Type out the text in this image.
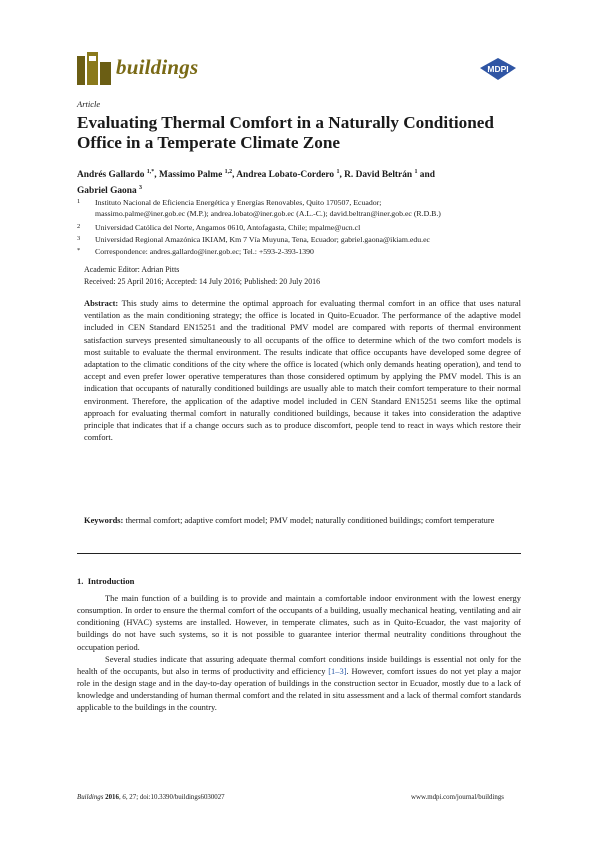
buildings	MDPI
Article
Evaluating Thermal Comfort in a Naturally Conditioned Office in a Temperate Climate Zone
Andrés Gallardo $^{1,*}$, Massimo Palme $^{1,2}$, Andrea Lobato-Cordero $^1$, R. David Beltrán $^1$ and
Gabriel Gaona $^3$
1 Instituto Nacional de Eficiencia Energética y Energías Renovables, Quito 170507, Ecuador;
massimo.palme@iner.gob.ec (M.P.); andrea.lobato@iner.gob.ec (A.L.-C.); david.beltran@iner.gob.ec (R.D.B.)
2 Universidad Católica del Norte, Angamos 0610, Antofagasta, Chile; mpalme@ucn.cl
3 Universidad Regional Amazónica IKIAM, Km 7 Vía Muyuna, Tena, Ecuador; gabriel.gaona@ikiam.edu.ec
* Correspondence: andres.gallardo@iner.gob.ec; Tel.: +593-2-393-1390
Academic Editor: Adrian Pitts
Received: 25 April 2016; Accepted: 14 July 2016; Published: 20 July 2016
Abstract: This study aims to determine the optimal approach for evaluating thermal comfort in an office that uses natural ventilation as the main conditioning strategy; the office is located in Quito-Ecuador. The performance of the adaptive model included in CEN Standard EN15251 and the traditional PMV model are compared with reports of thermal environment satisfaction surveys presented simultaneously to all occupants of the office to determine which of the two comfort models is most suitable to evaluate the thermal environment. The results indicate that office occupants have developed some degree of adaptation to the climatic conditions of the city where the office is located (which only demands heating operation), and tend to accept and even prefer lower operative temperatures than those considered optimum by applying the PMV model. This is an indication that occupants of naturally conditioned buildings are usually able to match their comfort temperature to their normal environment. Therefore, the application of the adaptive model included in CEN Standard EN15251 seems like the optimal approach for evaluating thermal comfort in naturally conditioned buildings, because it takes into consideration the adaptive principle that indicates that if a change occurs such as to produce discomfort, people tend to react in ways which restore their comfort.
Keywords: thermal comfort; adaptive comfort model; PMV model; naturally conditioned buildings; comfort temperature
1. Introduction

The main function of a building is to provide and maintain a comfortable indoor environment with the lowest energy consumption. In order to ensure the thermal comfort of the occupants of a building, usually mechanical heating, ventilating and air conditioning (HVAC) systems are installed. However, in temperate climates, such as in Quito-Ecuador, the vast majority of buildings do not have such systems, so it is not possible to guarantee interior thermal neutrality conditions throughout the occupation period.

Several studies indicate that assuring adequate thermal comfort conditions inside buildings is essential not only for the health of the occupants, but also in terms of productivity and efficiency [1–3]. However, comfort issues do not yet play a major role in the design stage and in the day-to-day operation of buildings in the construction sector in Ecuador, mostly due to a lack of knowledge and understanding of human thermal comfort and the related in situ assessment and a lack of thermal comfort standards applicable to the buildings in the country.

Buildings 2016, 6, 27; doi:10.3390/buildings6030027	www.mdpi.com/journal/buildings
